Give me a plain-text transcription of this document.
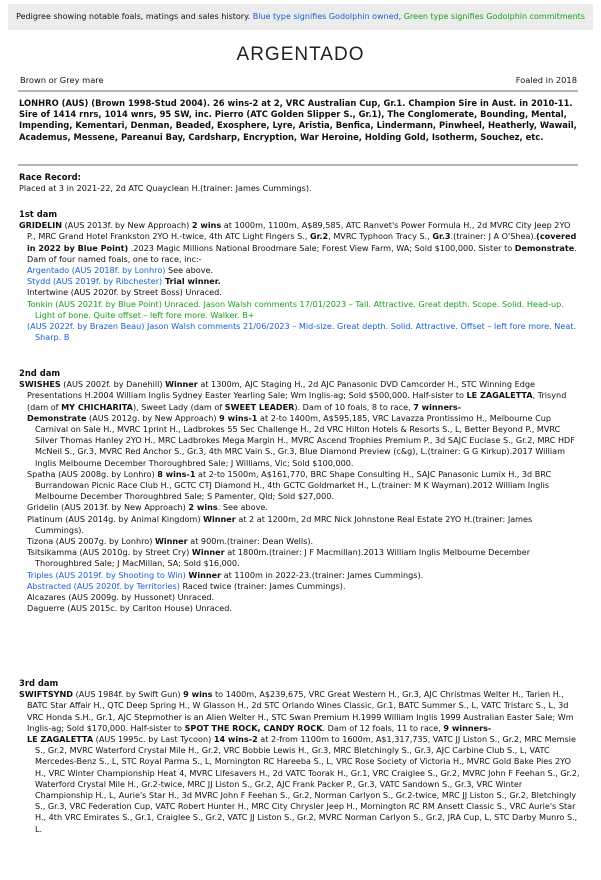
Pedigree showing notable foals, matings and sales history. Blue type signifies Godolphin owned, Green type signifies Godolphin commitments
ARGENTADO
Brown or Grey mare	Foaled in 2018

LONHRO (AUS) (Brown 1998-Stud 2004). 26 wins-2 at 2, VRC Australian Cup, Gr.1. Champion Sire in Aust. in 2010-11. Sire of 1414 rnrs, 1014 wnrs, 95 SW, inc. Pierro (ATC Golden Slipper S., Gr.1), The Conglomerate, Bounding, Mental, Impending, Kementari, Denman, Beaded, Exosphere, Lyre, Aristia, Benfica, Lindermann, Pinwheel, Heatherly, Wawail, Academus, Messene, Pareanui Bay, Cardsharp, Encryption, War Heroine, Holding Gold, Isotherm, Souchez, etc.

Race Record:

Placed at 3 in 2021-22, 2d ATC Quayclean H.(trainer: James Cummings).

1st dam

GRIDELIN (AUS 2013f. by New Approach) 2 wins at 1000m, 1100m, A$89,585, ATC Ranvet's Power Formula H., 2d MVRC City Jeep 2YO P., MRC Grand Hotel Frankston 2YO H.-twice, 4th ATC Light Fingers S., Gr.2, MVRC Typhoon Tracy S., Gr.3.(trainer: J A O'Shea).(covered in 2022 by Blue Point) .2023 Magic Millions National Broodmare Sale; Forest View Farm, WA; Sold $100,000. Sister to Demonstrate. Dam of four named foals, one to race, inc:-

Argentado (AUS 2018f. by Lonhro) See above.

Stydd (AUS 2019f. by Ribchester) Trial winner.

Intertwine (AUS 2020f. by Street Boss) Unraced.

Tonkin (AUS 2021f. by Blue Point) Unraced. Jason Walsh comments 17/01/2023 – Tall. Attractive. Great depth. Scope. Solid. Head-up. Light of bone. Quite offset – left fore more. Walker. B+

(AUS 2022f. by Brazen Beau) Jason Walsh comments 21/06/2023 – Mid-size. Great depth. Solid. Attractive. Offset – left fore more. Neat. Sharp. B

2nd dam

SWISHES (AUS 2002f. by Danehill) Winner at 1300m, AJC Staging H., 2d AJC Panasonic DVD Camcorder H., STC Winning Edge Presentations H.2004 William Inglis Sydney Easter Yearling Sale; Wm Inglis-ag; Sold $500,000. Half-sister to LE ZAGALETTA, Trisynd (dam of MY CHICHARITA), Sweet Lady (dam of SWEET LEADER). Dam of 10 foals, 8 to race, 7 winners-

Demonstrate (AUS 2012g. by New Approach) 9 wins-1 at 2-to 1400m, A$595,185, VRC Lavazza Prontissimo H., Melbourne Cup Carnival on Sale H., MVRC 1print H., Ladbrokes 55 Sec Challenge H., 2d VRC Hilton Hotels & Resorts S., L, Better Beyond P., MVRC Silver Thomas Hanley 2YO H., MRC Ladbrokes Mega Margin H., MVRC Ascend Trophies Premium P., 3d SAJC Euclase S., Gr.2, MRC HDF McNeil S., Gr.3, MVRC Red Anchor S., Gr.3, 4th MRC Vain S., Gr.3, Blue Diamond Preview (c&g), L.(trainer: G G Kirkup).2017 William Inglis Melbourne December Thoroughbred Sale; J Williams, Vic; Sold $100,000.

Spatha (AUS 2008g. by Lonhro) 8 wins-1 at 2-to 1500m, A$161,770, BRC Shape Consulting H., SAJC Panasonic Lumix H., 3d BRC Burrandowan Picnic Race Club H., GCTC CTJ Diamond H., 4th GCTC Goldmarket H., L.(trainer: M K Wayman).2012 William Inglis Melbourne December Thoroughbred Sale; S Pamenter, Qld; Sold $27,000.

Gridelin (AUS 2013f. by New Approach) 2 wins. See above.

Platinum (AUS 2014g. by Animal Kingdom) Winner at 2 at 1200m, 2d MRC Nick Johnstone Real Estate 2YO H.(trainer: James Cummings).

Tizona (AUS 2007g. by Lonhro) Winner at 900m.(trainer: Dean Wells).

Tsitsikamma (AUS 2010g. by Street Cry) Winner at 1800m.(trainer: J F Macmillan).2013 William Inglis Melbourne December Thoroughbred Sale; J MacMillan, SA; Sold $16,000.

Triples (AUS 2019f. by Shooting to Win) Winner at 1100m in 2022-23.(trainer: James Cummings).

Abstracted (AUS 2020f. by Territories) Raced twice (trainer: James Cummings).

Alcazares (AUS 2009g. by Hussonet) Unraced.

Daguerre (AUS 2015c. by Carlton House) Unraced.

3rd dam

SWIFTSYND (AUS 1984f. by Swift Gun) 9 wins to 1400m, A$239,675, VRC Great Western H., Gr.3, AJC Christmas Welter H., Tarien H., BATC Star Affair H., QTC Deep Spring H., W Glasson H., 2d STC Orlando Wines Classic, Gr.1, BATC Summer S., L, VATC Tristarc S., L, 3d VRC Honda S.H., Gr.1, AJC Stepmother is an Alien Welter H., STC Swan Premium H.1999 William Inglis 1999 Australian Easter Sale; Wm Inglis-ag; Sold $170,000. Half-sister to SPOT THE ROCK, CANDY ROCK. Dam of 12 foals, 11 to race, 9 winners-

LE ZAGALETTA (AUS 1995c. by Last Tycoon) 14 wins-2 at 2-from 1100m to 1600m, A$1,317,735, VATC JJ Liston S., Gr.2, MRC Memsie S., Gr.2, MVRC Waterford Crystal Mile H., Gr.2, VRC Bobbie Lewis H., Gr.3, MRC Bletchingly S., Gr.3, AJC Carbine Club S., L, VATC Mercedes-Benz S., L, STC Royal Parma S., L, Mornington RC Hareeba S., L, VRC Rose Society of Victoria H., MVRC Gold Bake Pies 2YO H., VRC Winter Championship Heat 4, MVRC Lifesavers H., 2d VATC Toorak H., Gr.1, VRC Craiglee S., Gr.2, MVRC John F Feehan S., Gr.2, Waterford Crystal Mile H., Gr.2-twice, MRC JJ Liston S., Gr.2, AJC Frank Packer P., Gr.3, VATC Sandown S., Gr.3, VRC Winter Championship H., L, Aurie's Star H., 3d MVRC John F Feehan S., Gr.2, Norman Carlyon S., Gr.2-twice, MRC JJ Liston S., Gr.2, Bletchingly S., Gr.3, VRC Federation Cup, VATC Robert Hunter H., MRC City Chrysler Jeep H., Mornington RC RM Ansett Classic S., VRC Aurie's Star H., 4th VRC Emirates S., Gr.1, Craiglee S., Gr.2, VATC JJ Liston S., Gr.2, MVRC Norman Carlyon S., Gr.2, JRA Cup, L, STC Darby Munro S., L.
